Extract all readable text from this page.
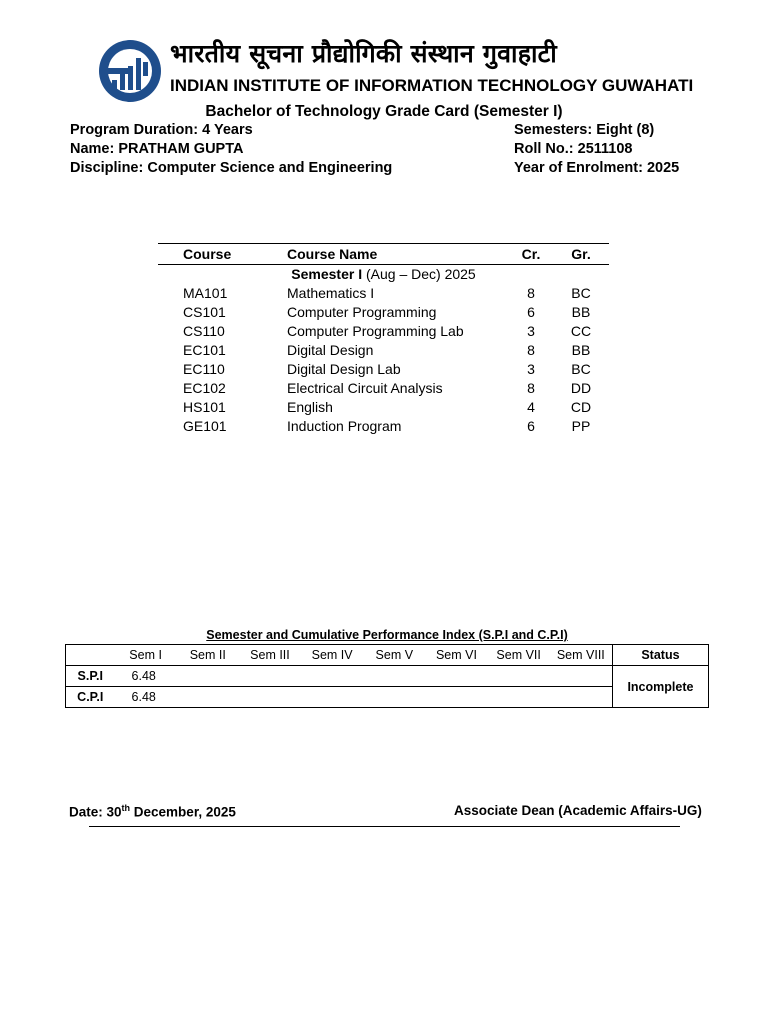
भारतीय सूचना प्रौद्योगिकी संस्थान गुवाहाटी
INDIAN INSTITUTE OF INFORMATION TECHNOLOGY GUWAHATI
Bachelor of Technology Grade Card (Semester I)
Program Duration: 4 Years
Name: PRATHAM GUPTA
Discipline: Computer Science and Engineering
Semesters: Eight (8)
Roll No.: 2511108
Year of Enrolment: 2025
Course	Course Name	Cr.	Gr.
Semester I (Aug – Dec) 2025			
MA101	Mathematics I	8	BC
CS101	Computer Programming	6	BB
CS110	Computer Programming Lab	3	CC
EC101	Digital Design	8	BB
EC110	Digital Design Lab	3	BC
EC102	Electrical Circuit Analysis	8	DD
HS101	English	4	CD
GE101	Induction Program	6	PP
Semester and Cumulative Performance Index (S.P.I and C.P.I)
	Sem I	Sem II	Sem III	Sem IV	Sem V	Sem VI	Sem VII	Sem VIII	Status
S.P.I	6.48								Incomplete
C.P.I	6.48								
Date: 30th December, 2025	Associate Dean (Academic Affairs-UG)
